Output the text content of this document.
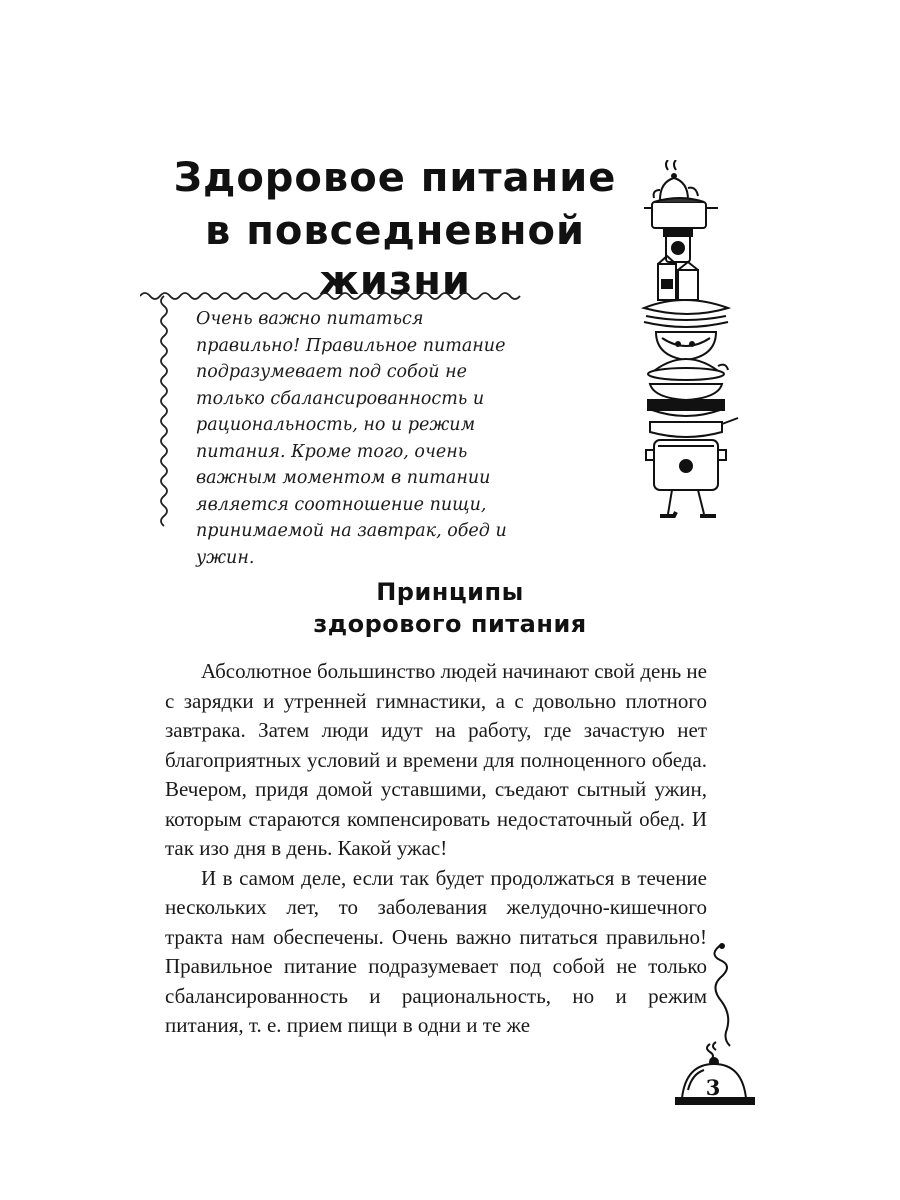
Здоровое питание
в повседневной жизни
Очень важно питаться правильно! Правильное питание подразумевает под собой не только сбалансированность и рациональность, но и режим питания. Кроме того, очень важным моментом в питании является соотношение пищи, принимаемой на завтрак, обед и ужин.
Принципы
здорового питания

Абсолютное большинство людей начинают свой день не с зарядки и утренней гимнастики, а с довольно плотного завтрака. Затем люди идут на работу, где зачастую нет благоприятных условий и времени для полноценного обеда. Вечером, придя домой уставшими, съедают сытный ужин, которым стараются компенсировать недостаточный обед. И так изо дня в день. Какой ужас!

И в самом деле, если так будет продолжаться в течение нескольких лет, то заболевания желудочно-кишечного тракта нам обеспечены. Очень важно питаться правильно! Правильное питание подразумевает под собой не только сбалансированность и рациональность, но и режим питания, т. е. прием пищи в одни и те же

3
